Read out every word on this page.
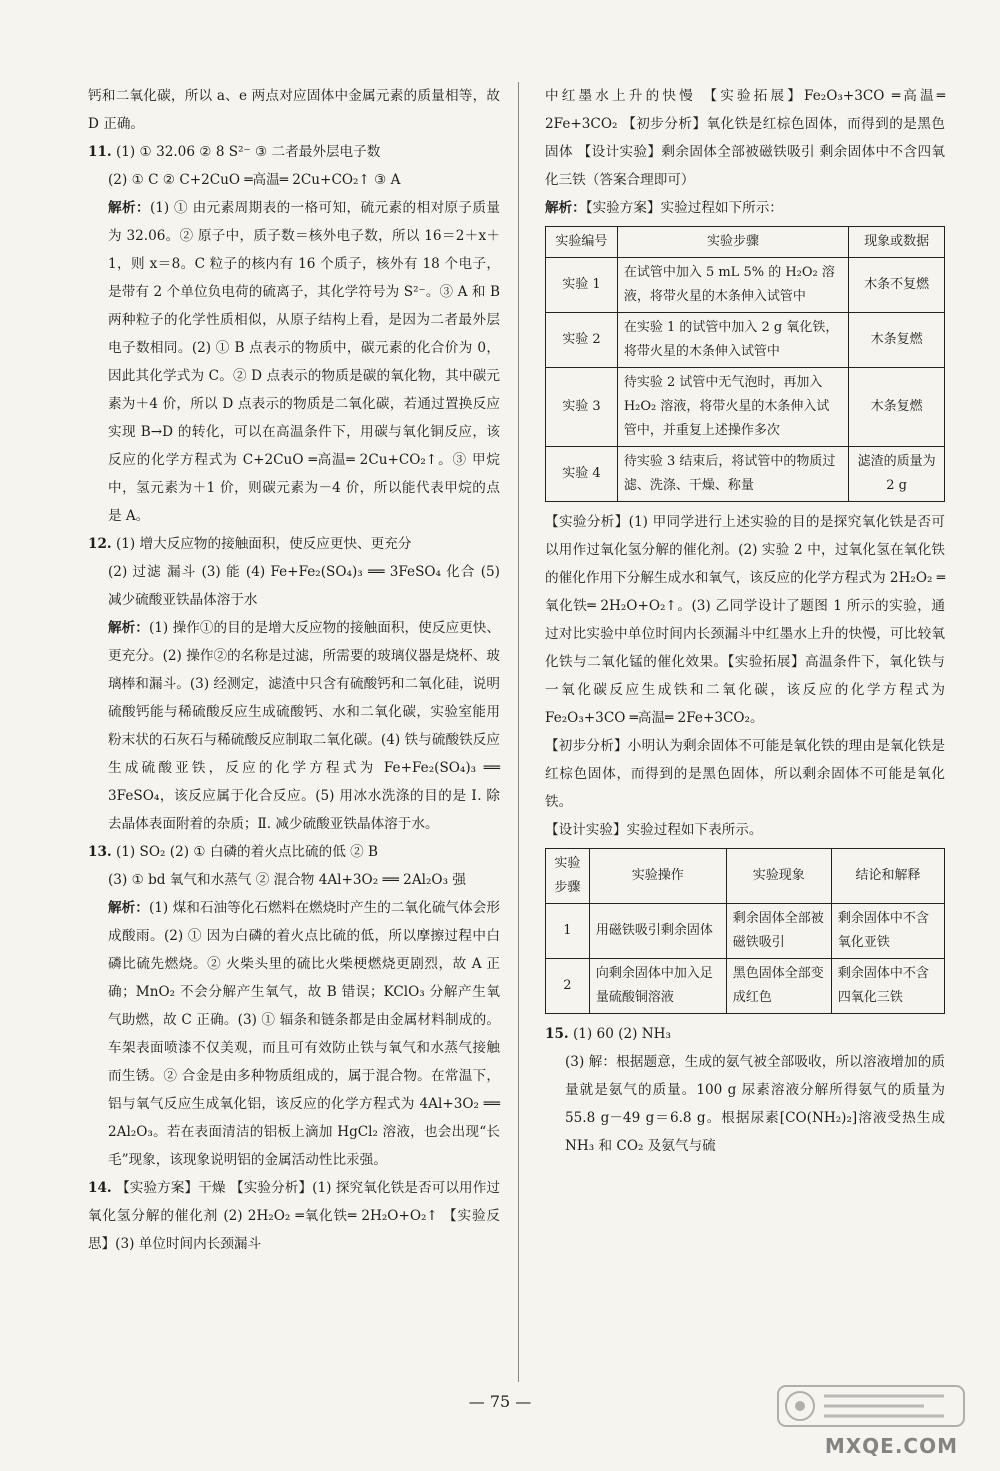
钙和二氧化碳，所以 a、e 两点对应固体中金属元素的质量相等，故 D 正确。

11. (1) ① 32.06 ② 8 S²⁻ ③ 二者最外层电子数

(2) ① C ② C+2CuO ═高温═ 2Cu+CO₂↑ ③ A

解析：(1) ① 由元素周期表的一格可知，硫元素的相对原子质量为 32.06。② 原子中，质子数＝核外电子数，所以 16＝2＋x＋1，则 x＝8。C 粒子的核内有 16 个质子，核外有 18 个电子，是带有 2 个单位负电荷的硫离子，其化学符号为 S²⁻。③ A 和 B 两种粒子的化学性质相似，从原子结构上看，是因为二者最外层电子数相同。(2) ① B 点表示的物质中，碳元素的化合价为 0，因此其化学式为 C。② D 点表示的物质是碳的氧化物，其中碳元素为＋4 价，所以 D 点表示的物质是二氧化碳，若通过置换反应实现 B→D 的转化，可以在高温条件下，用碳与氧化铜反应，该反应的化学方程式为 C+2CuO ═高温═ 2Cu+CO₂↑。③ 甲烷中，氢元素为＋1 价，则碳元素为－4 价，所以能代表甲烷的点是 A。

12. (1) 增大反应物的接触面积，使反应更快、更充分

(2) 过滤 漏斗 (3) 能 (4) Fe+Fe₂(SO₄)₃ ══ 3FeSO₄ 化合 (5) 减少硫酸亚铁晶体溶于水

解析：(1) 操作①的目的是增大反应物的接触面积，使反应更快、更充分。(2) 操作②的名称是过滤，所需要的玻璃仪器是烧杯、玻璃棒和漏斗。(3) 经测定，滤渣中只含有硫酸钙和二氧化硅，说明硫酸钙能与稀硫酸反应生成硫酸钙、水和二氧化碳，实验室能用粉末状的石灰石与稀硫酸反应制取二氧化碳。(4) 铁与硫酸铁反应生成硫酸亚铁，反应的化学方程式为 Fe+Fe₂(SO₄)₃ ══ 3FeSO₄，该反应属于化合反应。(5) 用冰水洗涤的目的是 Ⅰ. 除去晶体表面附着的杂质；Ⅱ. 减少硫酸亚铁晶体溶于水。

13. (1) SO₂ (2) ① 白磷的着火点比硫的低 ② B

(3) ① bd 氧气和水蒸气 ② 混合物 4Al+3O₂ ══ 2Al₂O₃ 强

解析：(1) 煤和石油等化石燃料在燃烧时产生的二氧化硫气体会形成酸雨。(2) ① 因为白磷的着火点比硫的低，所以摩擦过程中白磷比硫先燃烧。② 火柴头里的硫比火柴梗燃烧更剧烈，故 A 正确；MnO₂ 不会分解产生氧气，故 B 错误；KClO₃ 分解产生氧气助燃，故 C 正确。(3) ① 辐条和链条都是由金属材料制成的。车架表面喷漆不仅美观，而且可有效防止铁与氧气和水蒸气接触而生锈。② 合金是由多种物质组成的，属于混合物。在常温下，铝与氧气反应生成氧化铝，该反应的化学方程式为 4Al+3O₂ ══ 2Al₂O₃。若在表面清洁的铝板上滴加 HgCl₂ 溶液，也会出现“长毛”现象，该现象说明铝的金属活动性比汞强。

14. 【实验方案】干燥 【实验分析】(1) 探究氧化铁是否可以用作过氧化氢分解的催化剂 (2) 2H₂O₂ ═氧化铁═ 2H₂O+O₂↑ 【实验反思】(3) 单位时间内长颈漏斗

中红墨水上升的快慢 【实验拓展】Fe₂O₃+3CO ═高温═ 2Fe+3CO₂ 【初步分析】氧化铁是红棕色固体，而得到的是黑色固体 【设计实验】剩余固体全部被磁铁吸引 剩余固体中不含四氧化三铁（答案合理即可）

解析：【实验方案】实验过程如下所示：

实验编号	实验步骤	现象或数据
实验 1	在试管中加入 5 mL 5% 的 H₂O₂ 溶液，将带火星的木条伸入试管中	木条不复燃
实验 2	在实验 1 的试管中加入 2 g 氧化铁，将带火星的木条伸入试管中	木条复燃
实验 3	待实验 2 试管中无气泡时，再加入 H₂O₂ 溶液，将带火星的木条伸入试管中，并重复上述操作多次	木条复燃
实验 4	待实验 3 结束后，将试管中的物质过滤、洗涤、干燥、称量	滤渣的质量为 2 g

【实验分析】(1) 甲同学进行上述实验的目的是探究氧化铁是否可以用作过氧化氢分解的催化剂。(2) 实验 2 中，过氧化氢在氧化铁的催化作用下分解生成水和氧气，该反应的化学方程式为 2H₂O₂ ═氧化铁═ 2H₂O+O₂↑。(3) 乙同学设计了题图 1 所示的实验，通过对比实验中单位时间内长颈漏斗中红墨水上升的快慢，可比较氧化铁与二氧化锰的催化效果。【实验拓展】高温条件下，氧化铁与一氧化碳反应生成铁和二氧化碳，该反应的化学方程式为 Fe₂O₃+3CO ═高温═ 2Fe+3CO₂。

【初步分析】小明认为剩余固体不可能是氧化铁的理由是氧化铁是红棕色固体，而得到的是黑色固体，所以剩余固体不可能是氧化铁。

【设计实验】实验过程如下表所示。

实验步骤	实验操作	实验现象	结论和解释
1	用磁铁吸引剩余固体	剩余固体全部被磁铁吸引	剩余固体中不含氧化亚铁
2	向剩余固体中加入足量硫酸铜溶液	黑色固体全部变成红色	剩余固体中不含四氧化三铁

15. (1) 60 (2) NH₃

(3) 解：根据题意，生成的氨气被全部吸收，所以溶液增加的质量就是氨气的质量。100 g 尿素溶液分解所得氨气的质量为 55.8 g－49 g＝6.8 g。根据尿素[CO(NH₂)₂]溶液受热生成 NH₃ 和 CO₂ 及氨气与硫

— 75 —
MXQE.COM
